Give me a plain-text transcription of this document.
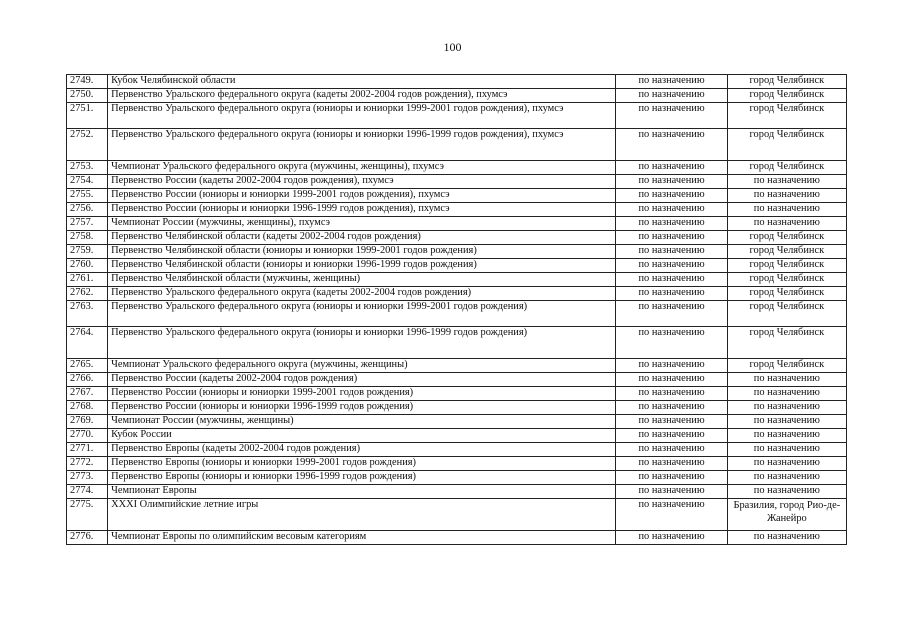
100
2749.	Кубок Челябинской области	по назначению	город Челябинск
2750.	Первенство Уральского федерального округа (кадеты 2002-2004 годов рождения), пхумсэ	по назначению	город Челябинск
2751.	Первенство Уральского федерального округа (юниоры и юниорки 1999-2001 годов рождения), пхумсэ	по назначению	город Челябинск
2752.	Первенство Уральского федерального округа (юниоры и юниорки 1996-1999 годов рождения), пхумсэ	по назначению	город Челябинск
2753.	Чемпионат Уральского федерального округа (мужчины, женщины), пхумсэ	по назначению	город Челябинск
2754.	Первенство России (кадеты 2002-2004 годов рождения), пхумсэ	по назначению	по назначению
2755.	Первенство России (юниоры и юниорки 1999-2001 годов рождения), пхумсэ	по назначению	по назначению
2756.	Первенство России (юниоры и юниорки 1996-1999 годов рождения), пхумсэ	по назначению	по назначению
2757.	Чемпионат России (мужчины, женщины), пхумсэ	по назначению	по назначению
2758.	Первенство Челябинской области (кадеты 2002-2004 годов рождения)	по назначению	город Челябинск
2759.	Первенство Челябинской области (юниоры и юниорки 1999-2001 годов рождения)	по назначению	город Челябинск
2760.	Первенство Челябинской области (юниоры и юниорки 1996-1999 годов рождения)	по назначению	город Челябинск
2761.	Первенство Челябинской области (мужчины, женщины)	по назначению	город Челябинск
2762.	Первенство Уральского федерального округа (кадеты 2002-2004 годов рождения)	по назначению	город Челябинск
2763.	Первенство Уральского федерального округа (юниоры и юниорки 1999-2001 годов рождения)	по назначению	город Челябинск
2764.	Первенство Уральского федерального округа (юниоры и юниорки 1996-1999 годов рождения)	по назначению	город Челябинск
2765.	Чемпионат Уральского федерального округа (мужчины, женщины)	по назначению	город Челябинск
2766.	Первенство России (кадеты 2002-2004 годов рождения)	по назначению	по назначению
2767.	Первенство России (юниоры и юниорки 1999-2001 годов рождения)	по назначению	по назначению
2768.	Первенство России (юниоры и юниорки 1996-1999 годов рождения)	по назначению	по назначению
2769.	Чемпионат России (мужчины, женщины)	по назначению	по назначению
2770.	Кубок России	по назначению	по назначению
2771.	Первенство Европы (кадеты 2002-2004 годов рождения)	по назначению	по назначению
2772.	Первенство Европы (юниоры и юниорки 1999-2001 годов рождения)	по назначению	по назначению
2773.	Первенство Европы (юниоры и юниорки 1996-1999 годов рождения)	по назначению	по назначению
2774.	Чемпионат Европы	по назначению	по назначению
2775.	XXXI Олимпийские летние игры	по назначению	Бразилия, город Рио-де-Жанейро
2776.	Чемпионат Европы по олимпийским весовым категориям	по назначению	по назначению
